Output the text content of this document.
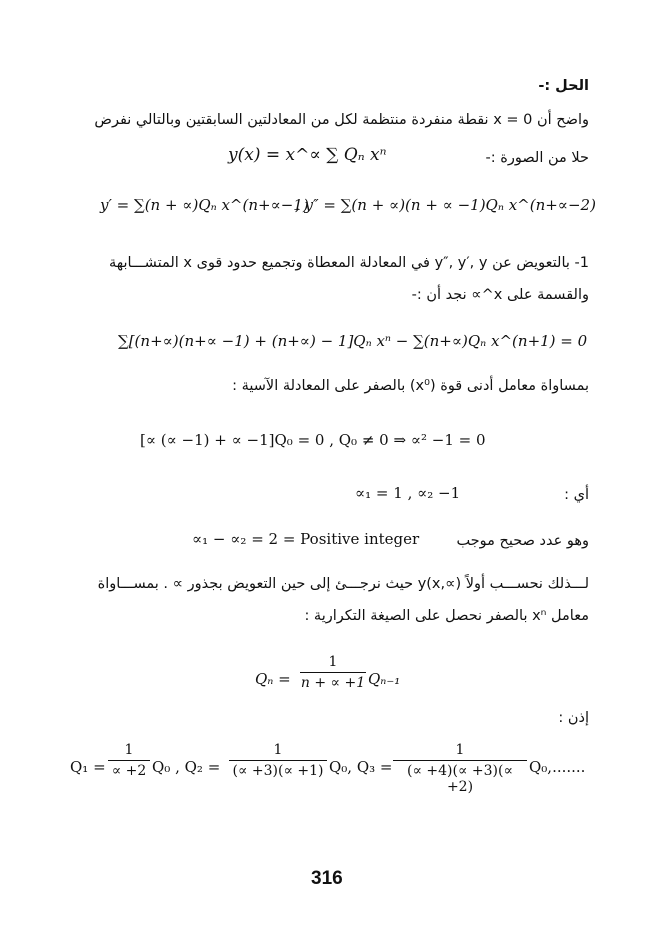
الحل :-
واضح أن x = 0 نقطة منفردة منتظمة لكل من المعادلتين السابقتين وبالتالي نفرض
حلا من الصورة :-
y(x) = x^∝ ∑ Qₙ xⁿ
y′ = ∑(n + ∝)Qₙ x^(n+∝−1)
, y″ = ∑(n + ∝)(n + ∝ −1)Qₙ x^(n+∝−2)
1- بالتعويض عن y″, y′, y في المعادلة المعطاة وتجميع حدود قوى x المتشـــابهة
والقسمة على x^∝ نجد أن :-
∑[(n+∝)(n+∝ −1) + (n+∝) − 1]Qₙ xⁿ − ∑(n+∝)Qₙ x^(n+1) = 0
بمساواة معامل أدنى قوة (x⁰) بالصفر على المعادلة الآسية :
[∝ (∝ −1) + ∝ −1]Q₀ = 0 , Q₀ ≠ 0 ⇒ ∝² −1 = 0
أي :
∝₁ = 1 , ∝₂ −1
وهو عدد صحيح موجب
∝₁ − ∝₂ = 2 = Positive integer
لـــذلك نحســـب أولاً y(x,∝) حيث نرجـــئ إلى حين التعويض بجذور ∝ . بمســـاواة
معامل xⁿ بالصفر نحصل على الصيغة التكرارية :
Qₙ =
1
n + ∝ +1 Qₙ₋₁
إذن :
Q₁ =
1
∝ +2 Q₀ , Q₂ =
1
(∝ +3)(∝ +1) Q₀, Q₃ =
1
(∝ +4)(∝ +3)(∝ +2)
Q₀,.......
316
